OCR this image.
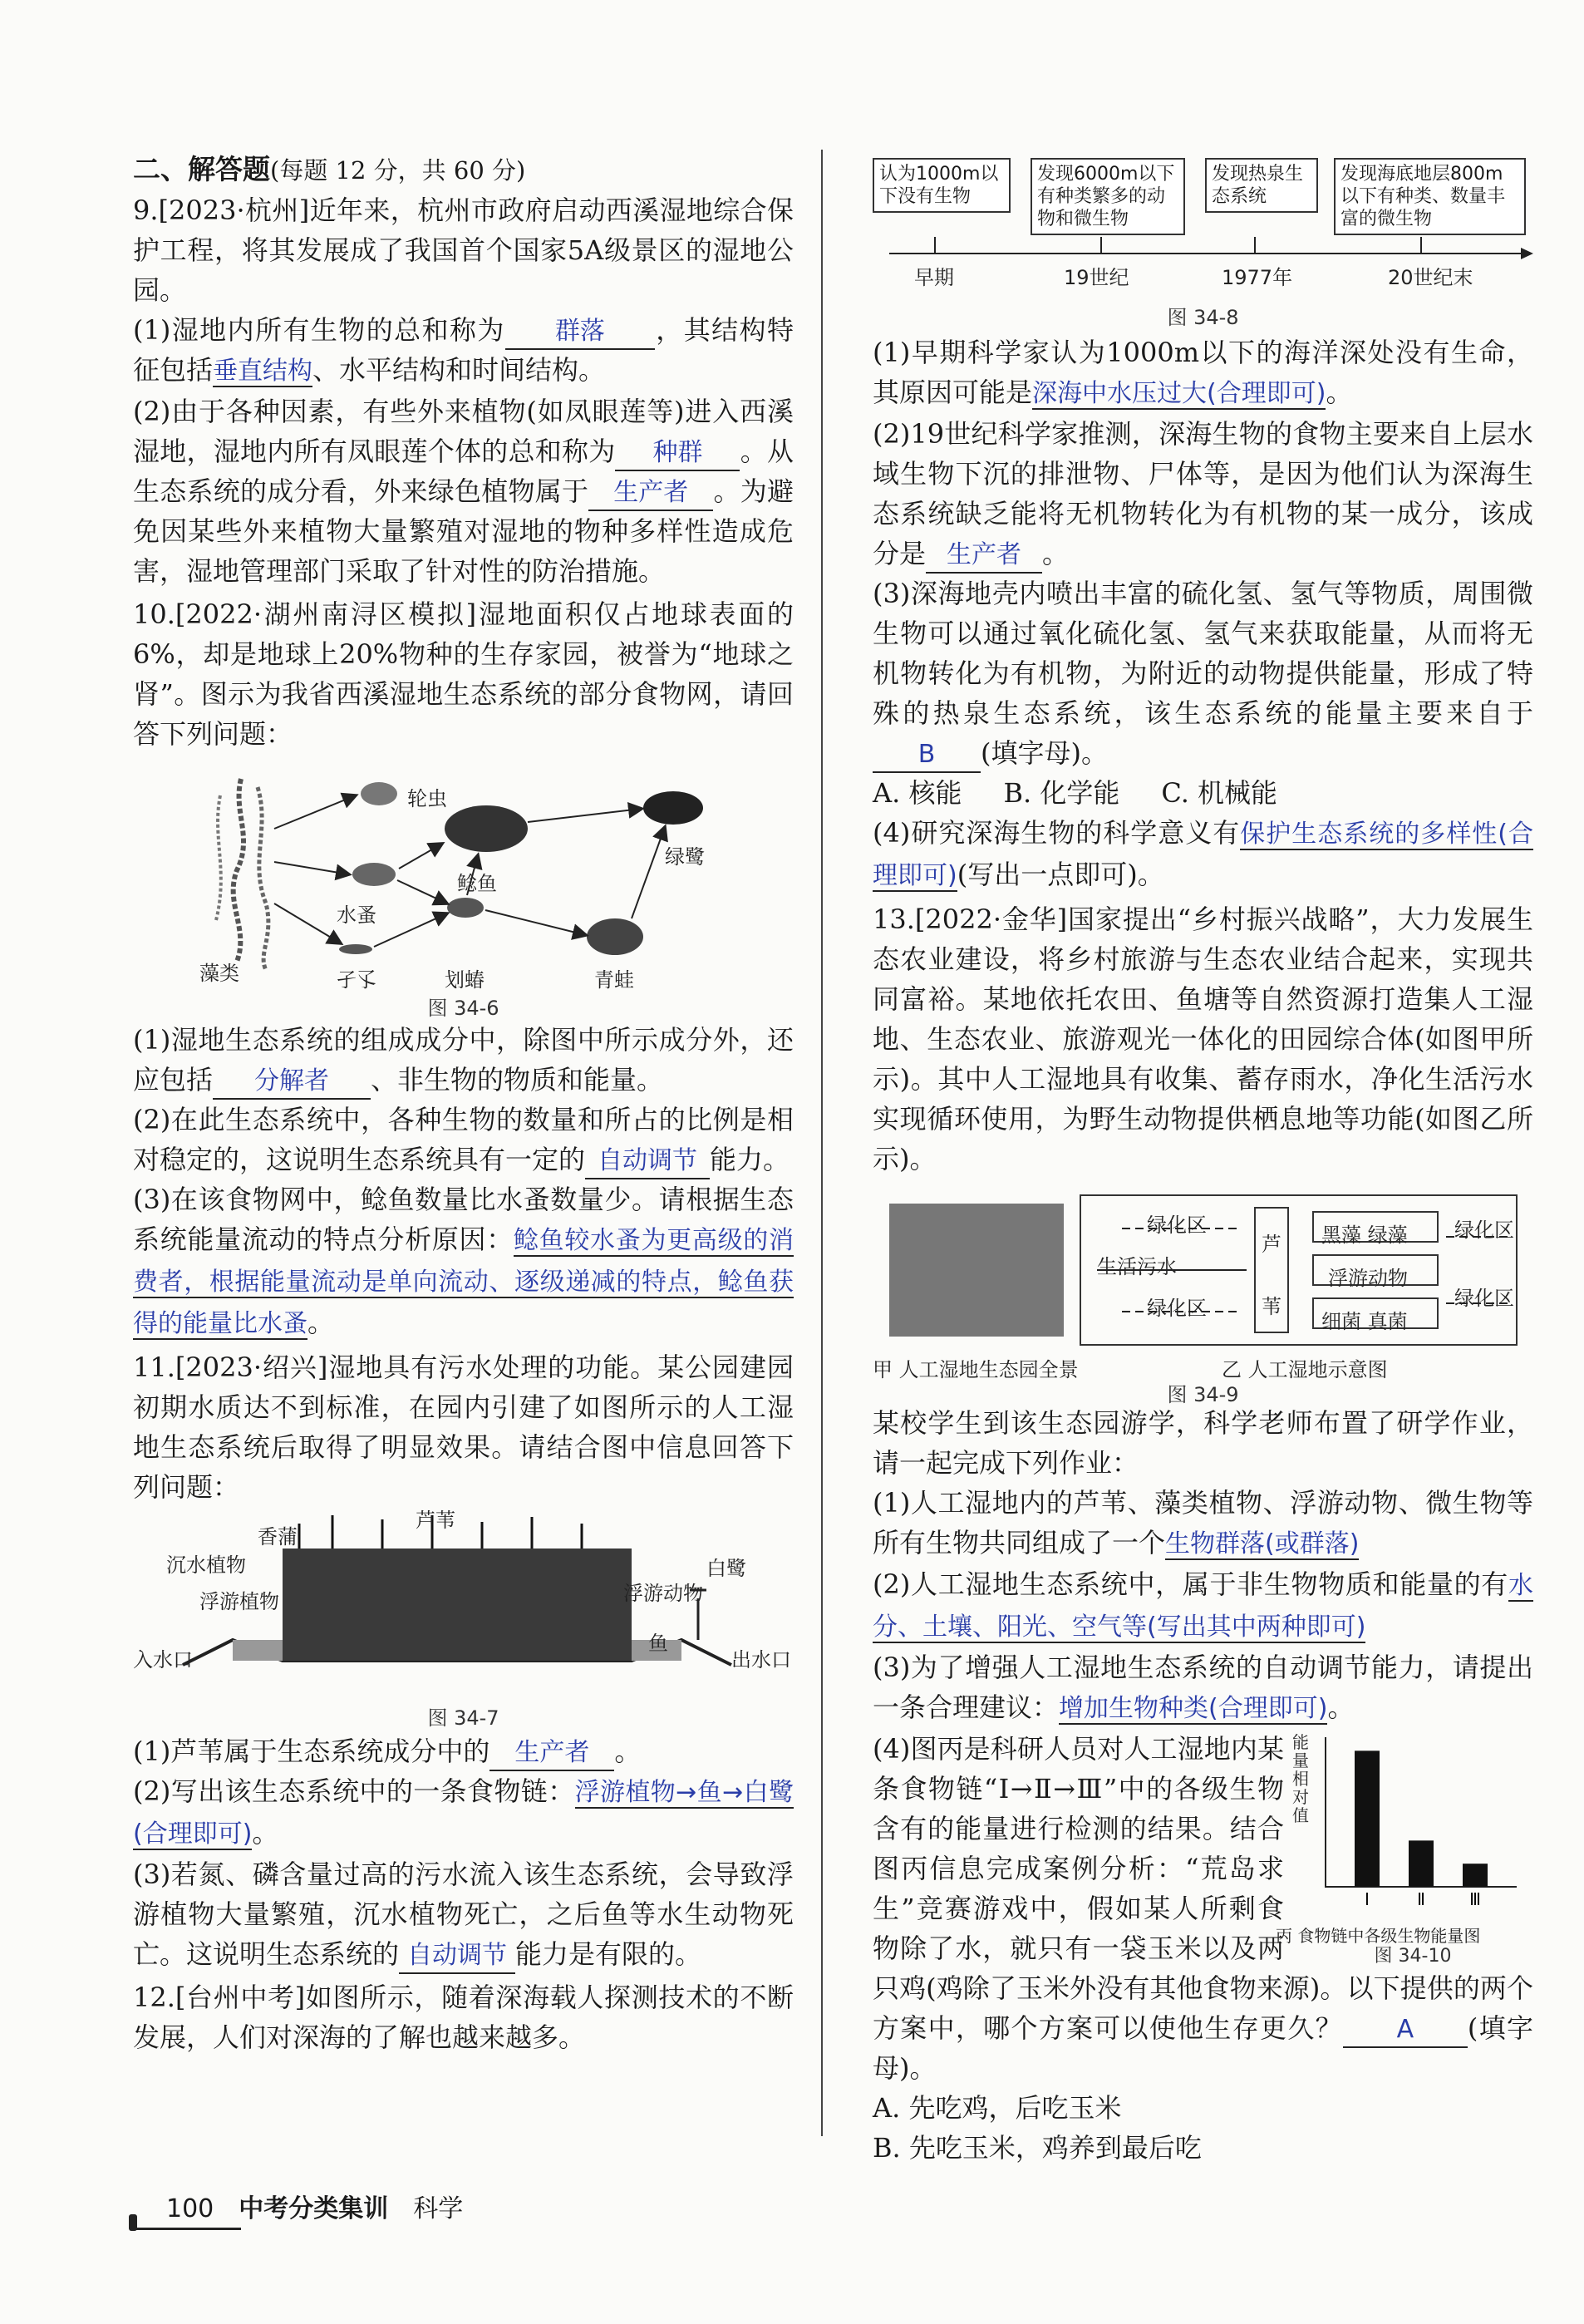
二、解答题(每题 12 分，共 60 分)

9.[2023·杭州]近年来，杭州市政府启动西溪湿地综合保护工程，将其发展成了我国首个国家5A级景区的湿地公园。

(1)湿地内所有生物的总和称为 群落 ，其结构特征包括垂直结构、水平结构和时间结构。

(2)由于各种因素，有些外来植物(如凤眼莲等)进入西溪湿地，湿地内所有凤眼莲个体的总和称为 种群 。从生态系统的成分看，外来绿色植物属于 生产者 。为避免因某些外来植物大量繁殖对湿地的物种多样性造成危害，湿地管理部门采取了针对性的防治措施。

10.[2022·湖州南浔区模拟]湿地面积仅占地球表面的6%，却是地球上20%物种的生存家园，被誉为“地球之肾”。图示为我省西溪湿地生态系统的部分食物网，请回答下列问题：

轮虫
水蚤
鲶鱼
绿鹭
藻类	孑孓	划蝽	青蛙
图 34-6

(1)湿地生态系统的组成成分中，除图中所示成分外，还应包括 分解者 、非生物的物质和能量。

(2)在此生态系统中，各种生物的数量和所占的比例是相对稳定的，这说明生态系统具有一定的 自动调节 能力。

(3)在该食物网中，鲶鱼数量比水蚤数量少。请根据生态系统能量流动的特点分析原因：鲶鱼较水蚤为更高级的消费者，根据能量流动是单向流动、逐级递减的特点，鲶鱼获得的能量比水蚤。

11.[2023·绍兴]湿地具有污水处理的功能。某公园建园初期水质达不到标准，在园内引建了如图所示的人工湿地生态系统后取得了明显效果。请结合图中信息回答下列问题：

香蒲
芦苇
白鹭
沉水植物
浮游植物	浮游动物
鱼
入水口	出水口
图 34-7

(1)芦苇属于生态系统成分中的 生产者 。

(2)写出该生态系统中的一条食物链：浮游植物→鱼→白鹭(合理即可)。

(3)若氮、磷含量过高的污水流入该生态系统，会导致浮游植物大量繁殖，沉水植物死亡，之后鱼等水生动物死亡。这说明生态系统的 自动调节 能力是有限的。

12.[台州中考]如图所示，随着深海载人探测技术的不断发展，人们对深海的了解也越来越多。

认为1000m以下没有生物
发现6000m以下有种类繁多的动物和微生物
发现热泉生态系统
发现海底地层800m以下有种类、数量丰富的微生物
早期	19世纪	1977年	20世纪末
图 34-8

(1)早期科学家认为1000m以下的海洋深处没有生命，其原因可能是深海中水压过大(合理即可)。

(2)19世纪科学家推测，深海生物的食物主要来自上层水域生物下沉的排泄物、尸体等，是因为他们认为深海生态系统缺乏能将无机物转化为有机物的某一成分，该成分是 生产者 。

(3)深海地壳内喷出丰富的硫化氢、氢气等物质，周围微生物可以通过氧化硫化氢、氢气来获取能量，从而将无机物转化为有机物，为附近的动物提供能量，形成了特殊的热泉生态系统，该生态系统的能量主要来自于B (填字母)。

A. 核能 B. 化学能 C. 机械能

(4)研究深海生物的科学意义有保护生态系统的多样性(合理即可)(写出一点即可)。

13.[2022·金华]国家提出“乡村振兴战略”，大力发展生态农业建设，将乡村旅游与生态农业结合起来，实现共同富裕。某地依托农田、鱼塘等自然资源打造集人工湿地、生态农业、旅游观光一体化的田园综合体(如图甲所示)。其中人工湿地具有收集、蓄存雨水，净化生活污水实现循环使用，为野生动物提供栖息地等功能(如图乙所示)。

绿化区
生活污水
绿化区
芦
苇
黑藻 绿藻
浮游动物
细菌 真菌
绿化区
绿化区
甲 人工湿地生态园全景	乙 人工湿地示意图
图 34-9

某校学生到该生态园游学，科学老师布置了研学作业，请一起完成下列作业：

(1)人工湿地内的芦苇、藻类植物、浮游动物、微生物等所有生物共同组成了一个生物群落(或群落)

(2)人工湿地生态系统中，属于非生物物质和能量的有水分、土壤、阳光、空气等(写出其中两种即可)

(3)为了增强人工湿地生态系统的自动调节能力，请提出一条合理建议：增加生物种类(合理即可)。

Ⅰ	Ⅱ	Ⅲ
能量相对值
丙 食物链中各级生物能量图
图 34-10

(4)图丙是科研人员对人工湿地内某条食物链“Ⅰ→Ⅱ→Ⅲ”中的各级生物含有的能量进行检测的结果。结合图丙信息完成案例分析：“荒岛求生”竞赛游戏中，假如某人所剩食物除了水，就只有一袋玉米以及两只鸡(鸡除了玉米外没有其他食物来源)。以下提供的两个方案中，哪个方案可以使他生存更久？ A (填字母)。

A. 先吃鸡，后吃玉米

B. 先吃玉米，鸡养到最后吃

100 中考分类集训 科学
